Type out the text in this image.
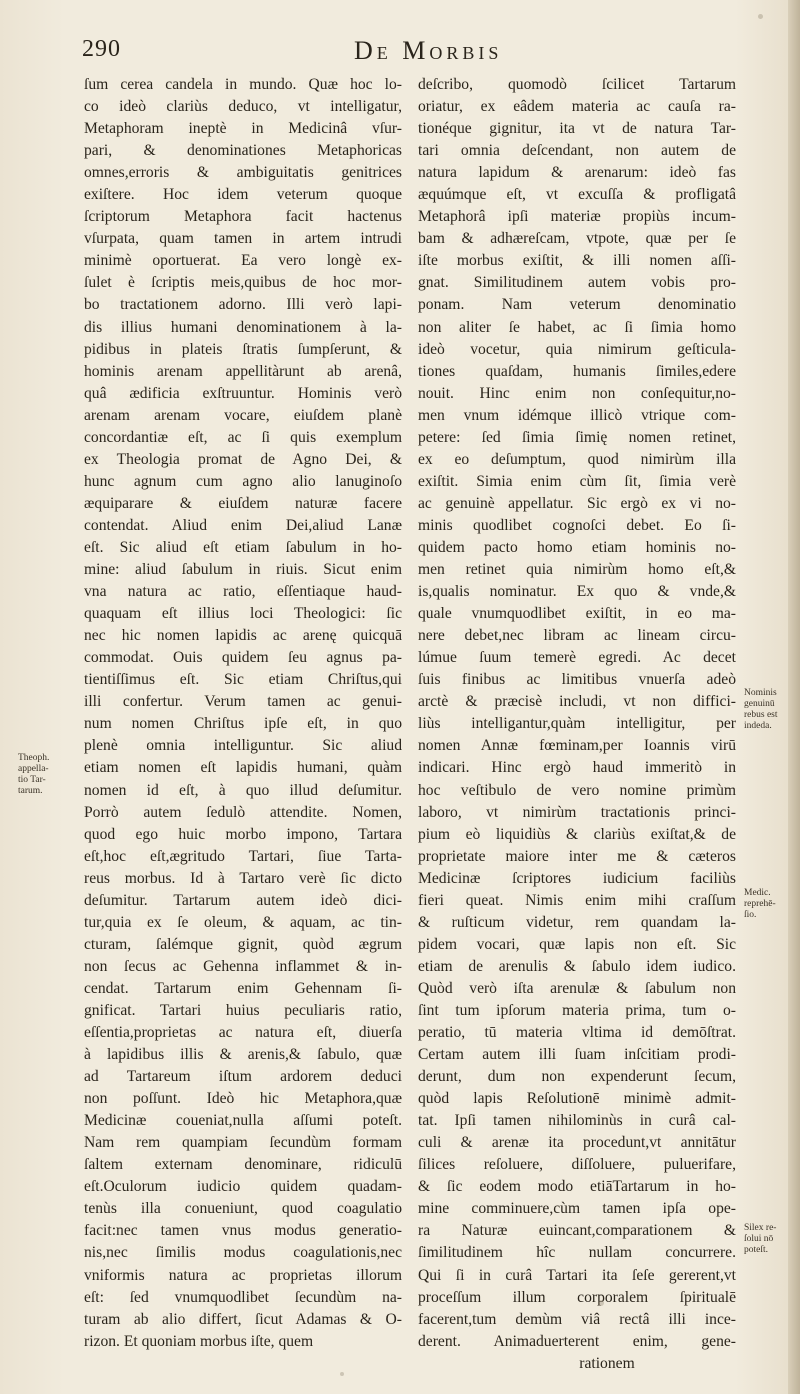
290	De Morbis
ſum cerea candela in mundo. Quæ hoc lo-
co ideò clariùs deduco, vt intelligatur,
Metaphoram ineptè in Medicinâ vſur-
pari, & denominationes Metaphoricas
omnes,erroris & ambiguitatis genitrices
exiſtere. Hoc idem veterum quoque
ſcriptorum Metaphora facit hactenus
vſurpata, quam tamen in artem intrudi
minimè oportuerat. Ea vero longè ex-
ſulet è ſcriptis meis,quibus de hoc mor-
bo tractationem adorno. Illi verò lapi-
dis illius humani denominationem à la-
pidibus in plateis ſtratis ſumpſerunt, &
hominis arenam appellitàrunt ab arenâ,
quâ ædificia exſtruuntur. Hominis verò
arenam arenam vocare, eiuſdem planè
concordantiæ eſt, ac ſi quis exemplum
ex Theologia promat de Agno Dei, &
hunc agnum cum agno alio lanuginoſo
æquiparare & eiuſdem naturæ facere
contendat. Aliud enim Dei,aliud Lanæ
eſt. Sic aliud eſt etiam ſabulum in ho-
mine: aliud ſabulum in riuis. Sicut enim
vna natura ac ratio, eſſentiaque haud-
quaquam eſt illius loci Theologici: ſic
nec hic nomen lapidis ac arenę quicquā
commodat. Ouis quidem ſeu agnus pa-
tientiſſimus eſt. Sic etiam Chriſtus,qui
illi confertur. Verum tamen ac genui-
num nomen Chriſtus ipſe eſt, in quo
plenè omnia intelliguntur. Sic aliud
etiam nomen eſt lapidis humani, quàm
nomen id eſt, à quo illud deſumitur.
Porrò autem ſedulò attendite. Nomen,
quod ego huic morbo impono, Tartara
eſt,hoc eſt,ægritudo Tartari, ſiue Tarta-
reus morbus. Id à Tartaro verè ſic dicto
deſumitur. Tartarum autem ideò dici-
tur,quia ex ſe oleum, & aquam, ac tin-
cturam, ſalémque gignit, quòd ægrum
non ſecus ac Gehenna inflammet & in-
cendat. Tartarum enim Gehennam ſi-
gnificat. Tartari huius peculiaris ratio,
eſſentia,proprietas ac natura eſt, diuerſa
à lapidibus illis & arenis,& ſabulo, quæ
ad Tartareum iſtum ardorem deduci
non poſſunt. Ideò hic Metaphora,quæ
Medicinæ coueniat,nulla aſſumi poteſt.
Nam rem quampiam ſecundùm formam
ſaltem externam denominare, ridiculū
eſt.Oculorum iudicio quidem quadam-
tenùs illa conueniunt, quod coagulatio
facit:nec tamen vnus modus generatio-
nis,nec ſimilis modus coagulationis,nec
vniformis natura ac proprietas illorum
eſt: ſed vnumquodlibet ſecundùm na-
turam ab alio differt, ſicut Adamas & O-
rizon. Et quoniam morbus iſte, quem
deſcribo, quomodò ſcilicet Tartarum
oriatur, ex eâdem materia ac cauſa ra-
tionéque gignitur, ita vt de natura Tar-
tari omnia deſcendant, non autem de
natura lapidum & arenarum: ideò fas
æquúmque eſt, vt excuſſa & profligatâ
Metaphorâ ipſi materiæ propiùs incum-
bam & adhæreſcam, vtpote, quæ per ſe
iſte morbus exiſtit, & illi nomen aſſi-
gnat. Similitudinem autem vobis pro-
ponam. Nam veterum denominatio
non aliter ſe habet, ac ſi ſimia homo
ideò vocetur, quia nimirum geſticula-
tiones quaſdam, humanis ſimiles,edere
nouit. Hinc enim non conſequitur,no-
men vnum idémque illicò vtrique com-
petere: ſed ſimia ſimię nomen retinet,
ex eo deſumptum, quod nimirùm illa
exiſtit. Simia enim cùm ſit, ſimia verè
ac genuinè appellatur. Sic ergò ex vi no-
minis quodlibet cognoſci debet. Eo ſi-
quidem pacto homo etiam hominis no-
men retinet quia nimirùm homo eſt,&
is,qualis nominatur. Ex quo & vnde,&
quale vnumquodlibet exiſtit, in eo ma-
nere debet,nec libram ac lineam circu-
lúmue ſuum temerè egredi. Ac decet
ſuis finibus ac limitibus vnuerſa adeò
arctè & præcisè includi, vt non diffici-
liùs intelligantur,quàm intelligitur, per
nomen Annæ fœminam,per Ioannis virū
indicari. Hinc ergò haud immeritò in
hoc veſtibulo de vero nomine primùm
laboro, vt nimirùm tractationis princi-
pium eò liquidiùs & clariùs exiſtat,& de
proprietate maiore inter me & cæteros
Medicinæ ſcriptores iudicium faciliùs
fieri queat. Nimis enim mihi craſſum
& ruſticum videtur, rem quandam la-
pidem vocari, quæ lapis non eſt. Sic
etiam de arenulis & ſabulo idem iudico.
Quòd verò iſta arenulæ & ſabulum non
ſint tum ipſorum materia prima, tum o-
peratio, tū materia vltima id demōſtrat.
Certam autem illi ſuam inſcitiam prodi-
derunt, dum non expenderunt ſecum,
quòd lapis Reſolutionē minimè admit-
tat. Ipſi tamen nihilominùs in curâ cal-
culi & arenæ ita procedunt,vt annitātur
ſilices reſoluere, diſſoluere, puluerifare,
& ſic eodem modo etiāTartarum in ho-
mine comminuere,cùm tamen ipſa ope-
ra Naturæ euincant,comparationem &
ſimilitudinem hîc nullam concurrere.
Qui ſi in curâ Tartari ita ſeſe gererent,vt
proceſſum illum corporalem ſpiritualē
facerent,tum demùm viâ rectâ illi ince-
derent. Animaduerterent enim, gene-
rationem
Theoph.
appella-
tio Tar-
tarum.
Nominis
genuinū
rebus est
indeda.
Medic.
reprehē-
ſio.
Silex re-
ſolui nō
poteſt.
